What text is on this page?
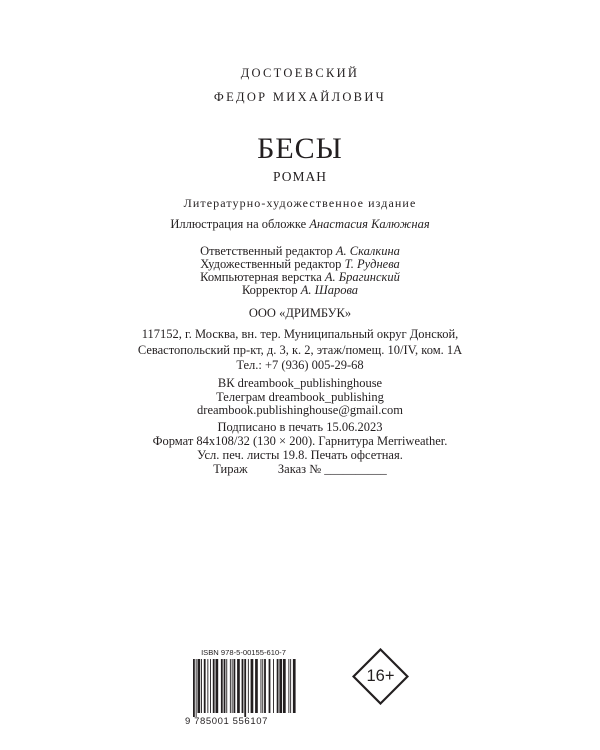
ДОСТОЕВСКИЙ
ФЕДОР МИХАЙЛОВИЧ
БЕСЫ
РОМАН
Литературно-художественное издание
Иллюстрация на обложке Анастасия Калюжная
Ответственный редактор А. Скалкина
Художественный редактор Т. Руднева
Компьютерная верстка А. Брагинский
Корректор А. Шарова
ООО «ДРИМБУК»
117152, г. Москва, вн. тер. Муниципальный округ Донской,
Севастопольский пр-кт, д. 3, к. 2, этаж/помещ. 10/IV, ком. 1А
Тел.: +7 (936) 005-29-68
ВК dreambook_publishinghouse
Телеграм dreambook_publishing
dreambook.publishinghouse@gmail.com
Подписано в печать 15.06.2023
Формат 84x108/32 (130 × 200). Гарнитура Merriweather.
Усл. печ. листы 19.8. Печать офсетная.
Тираж Заказ № __________
ISBN 978-5-00155-610-7
9 785001 556107
16+
